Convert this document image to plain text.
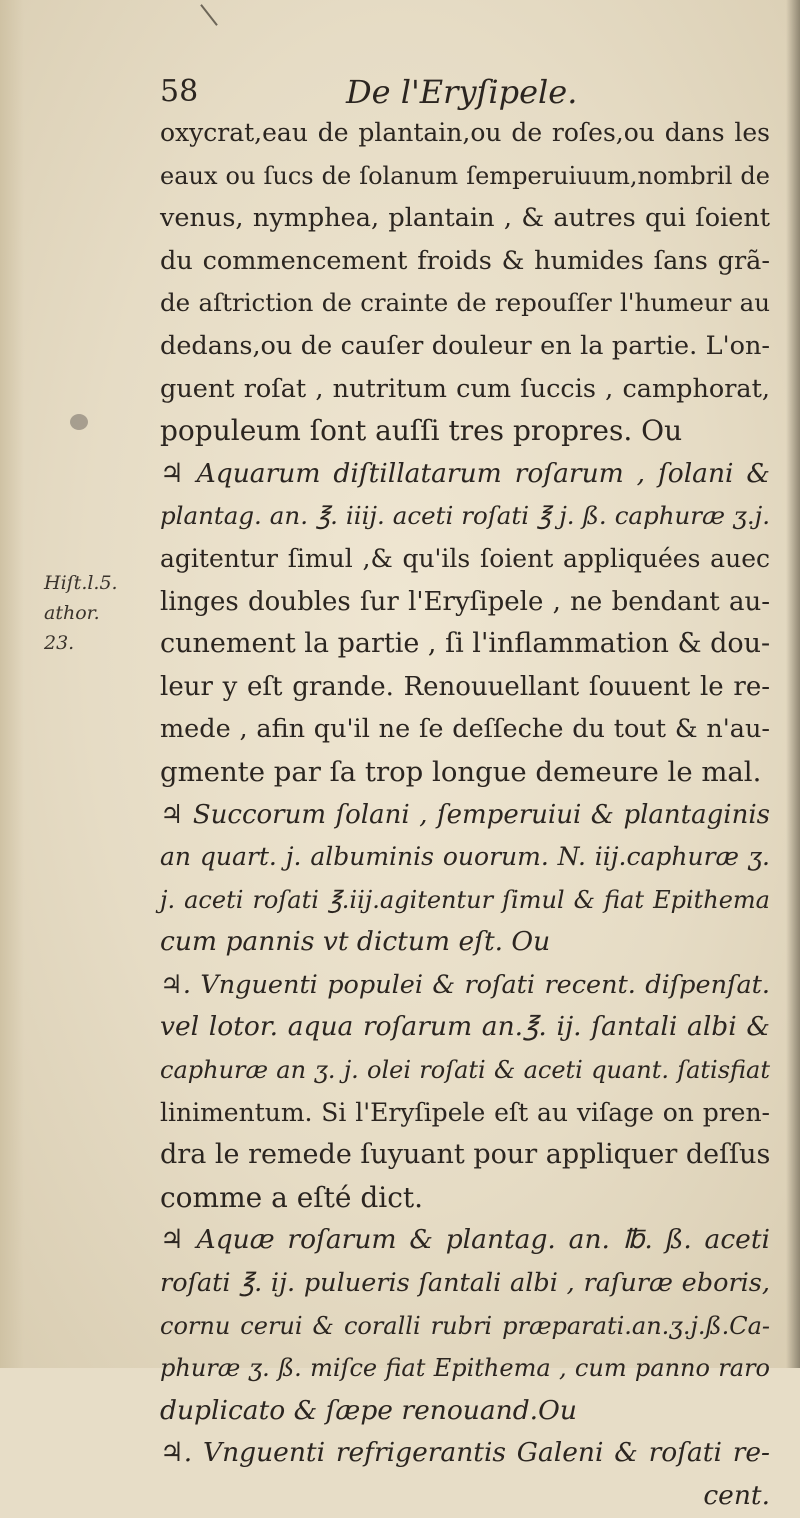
58	De l'Eryſipele.
Hiſt.l.5.
athor.
23.
oxycrat,eau de plantain,ou de roſes,ou dans les
eaux ou ſucs de ſolanum ſemperuiuum,nombril de
venus, nymphea, plantain , & autres qui ſoient
du commencement froids & humides ſans grã-
de aſtriction de crainte de repouſſer l'humeur au
dedans,ou de cauſer douleur en la partie. L'on-
guent roſat , nutritum cum ſuccis , camphorat,
populeum ſont auſſi tres propres. Ou
♃ Aquarum diſtillatarum roſarum , ſolani &
plantag. an. ℥. iiij. aceti roſati ℥ j. ß. caphuræ ʒ.j.
agitentur ſimul ,& qu'ils ſoient appliquées auec
linges doubles ſur l'Eryſipele , ne bendant au-
cunement la partie , ſi l'inflammation & dou-
leur y eſt grande. Renouuellant ſouuent le re-
mede , afin qu'il ne ſe deſſeche du tout & n'au-
gmente par ſa trop longue demeure le mal.
♃ Succorum ſolani , ſemperuiui & plantaginis
an quart. j. albuminis ouorum. N. iij.caphuræ ʒ.
j. aceti roſati ℥.iij.agitentur ſimul & fiat Epithema
cum pannis vt dictum eſt. Ou
♃. Vnguenti populei & roſati recent. diſpenſat.
vel lotor. aqua roſarum an.℥. ij. ſantali albi &
caphuræ an ʒ. j. olei roſati & aceti quant. ſatisfiat
linimentum. Si l'Eryſipele eſt au viſage on pren-
dra le remede ſuyuant pour appliquer deſſus
comme a eſté dict.
♃ Aquæ roſarum & plantag. an. ℔. ß. aceti
roſati ℥. ij. pulueris ſantali albi , raſuræ eboris,
cornu cerui & coralli rubri præparati.an.ʒ.j.ß.Ca-
phuræ ʒ. ß. miſce fiat Epithema , cum panno raro
duplicato & ſæpe renouand.Ou
♃. Vnguenti refrigerantis Galeni & roſati re-
cent.
